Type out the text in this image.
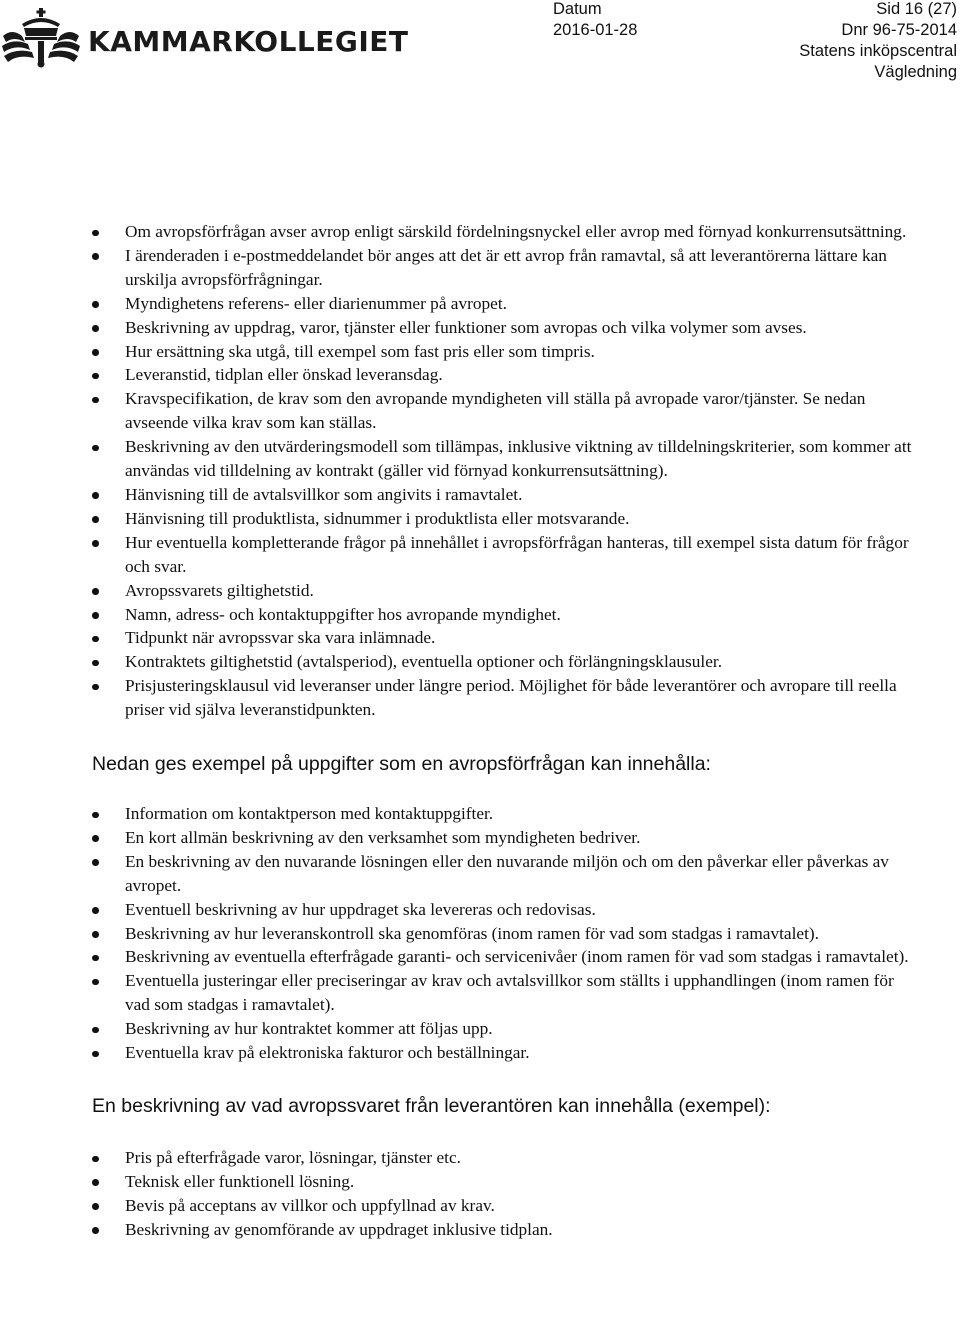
KAMMARKOLLEGIET
Datum
2016-01-28
Sid 16 (27)
Dnr 96-75-2014
Statens inköpscentral
Vägledning
Om avropsförfrågan avser avrop enligt särskild fördelningsnyckel eller avrop med förnyad konkurrensutsättning.
I ärenderaden i e-postmeddelandet bör anges att det är ett avrop från ramavtal, så att leverantörerna lättare kan urskilja avropsförfrågningar.
Myndighetens referens- eller diarienummer på avropet.
Beskrivning av uppdrag, varor, tjänster eller funktioner som avropas och vilka volymer som avses.
Hur ersättning ska utgå, till exempel som fast pris eller som timpris.
Leveranstid, tidplan eller önskad leveransdag.
Kravspecifikation, de krav som den avropande myndigheten vill ställa på avropade varor/tjänster. Se nedan avseende vilka krav som kan ställas.
Beskrivning av den utvärderingsmodell som tillämpas, inklusive viktning av tilldelningskriterier, som kommer att användas vid tilldelning av kontrakt (gäller vid förnyad konkurrensutsättning).
Hänvisning till de avtalsvillkor som angivits i ramavtalet.
Hänvisning till produktlista, sidnummer i produktlista eller motsvarande.
Hur eventuella kompletterande frågor på innehållet i avropsförfrågan hanteras, till exempel sista datum för frågor och svar.
Avropssvarets giltighetstid.
Namn, adress- och kontaktuppgifter hos avropande myndighet.
Tidpunkt när avropssvar ska vara inlämnade.
Kontraktets giltighetstid (avtalsperiod), eventuella optioner och förlängningsklausuler.
Prisjusteringsklausul vid leveranser under längre period. Möjlighet för både leverantörer och avropare till reella priser vid själva leveranstidpunkten.
Nedan ges exempel på uppgifter som en avropsförfrågan kan innehålla:
Information om kontaktperson med kontaktuppgifter.
En kort allmän beskrivning av den verksamhet som myndigheten bedriver.
En beskrivning av den nuvarande lösningen eller den nuvarande miljön och om den påverkar eller påverkas av avropet.
Eventuell beskrivning av hur uppdraget ska levereras och redovisas.
Beskrivning av hur leveranskontroll ska genomföras (inom ramen för vad som stadgas i ramavtalet).
Beskrivning av eventuella efterfrågade garanti- och servicenivåer (inom ramen för vad som stadgas i ramavtalet).
Eventuella justeringar eller preciseringar av krav och avtalsvillkor som ställts i upphandlingen (inom ramen för vad som stadgas i ramavtalet).
Beskrivning av hur kontraktet kommer att följas upp.
Eventuella krav på elektroniska fakturor och beställningar.
En beskrivning av vad avropssvaret från leverantören kan innehålla (exempel):
Pris på efterfrågade varor, lösningar, tjänster etc.
Teknisk eller funktionell lösning.
Bevis på acceptans av villkor och uppfyllnad av krav.
Beskrivning av genomförande av uppdraget inklusive tidplan.
